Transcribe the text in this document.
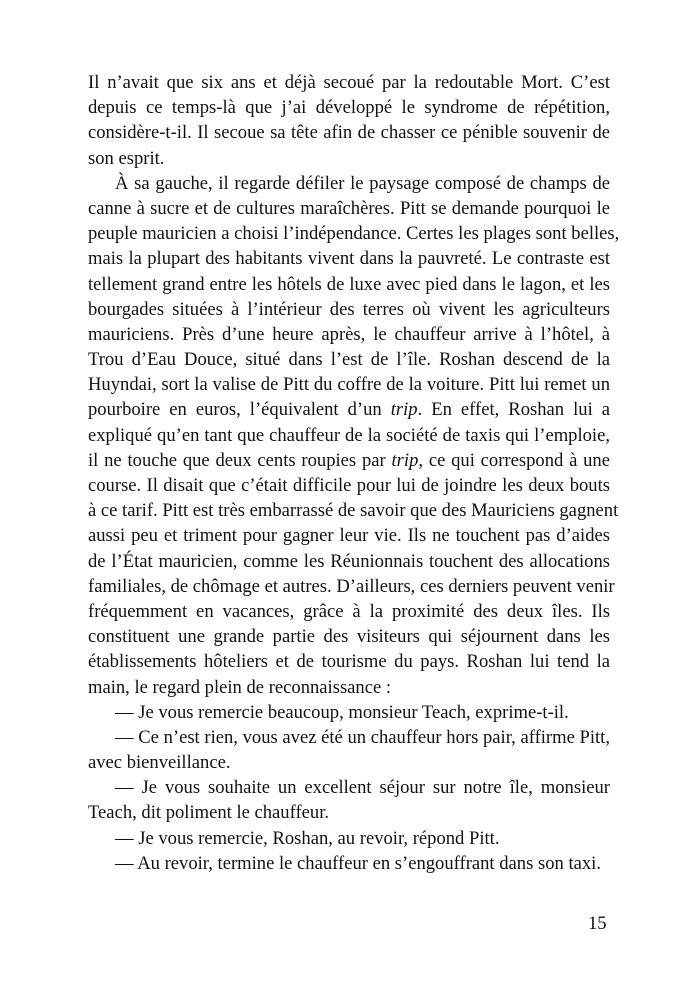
Il n’avait que six ans et déjà secoué par la redoutable Mort. C’est
depuis ce temps-là que j’ai développé le syndrome de répétition,
considère-t-il. Il secoue sa tête afin de chasser ce pénible souvenir de
son esprit.
À sa gauche, il regarde défiler le paysage composé de champs de
canne à sucre et de cultures maraîchères. Pitt se demande pourquoi le
peuple mauricien a choisi l’indépendance. Certes les plages sont belles,
mais la plupart des habitants vivent dans la pauvreté. Le contraste est
tellement grand entre les hôtels de luxe avec pied dans le lagon, et les
bourgades situées à l’intérieur des terres où vivent les agriculteurs
mauriciens. Près d’une heure après, le chauffeur arrive à l’hôtel, à
Trou d’Eau Douce, situé dans l’est de l’île. Roshan descend de la
Huyndai, sort la valise de Pitt du coffre de la voiture. Pitt lui remet un
pourboire en euros, l’équivalent d’un trip. En effet, Roshan lui a
expliqué qu’en tant que chauffeur de la société de taxis qui l’emploie,
il ne touche que deux cents roupies par trip, ce qui correspond à une
course. Il disait que c’était difficile pour lui de joindre les deux bouts
à ce tarif. Pitt est très embarrassé de savoir que des Mauriciens gagnent
aussi peu et triment pour gagner leur vie. Ils ne touchent pas d’aides
de l’État mauricien, comme les Réunionnais touchent des allocations
familiales, de chômage et autres. D’ailleurs, ces derniers peuvent venir
fréquemment en vacances, grâce à la proximité des deux îles. Ils
constituent une grande partie des visiteurs qui séjournent dans les
établissements hôteliers et de tourisme du pays. Roshan lui tend la
main, le regard plein de reconnaissance :
— Je vous remercie beaucoup, monsieur Teach, exprime-t-il.
— Ce n’est rien, vous avez été un chauffeur hors pair, affirme Pitt,
avec bienveillance.
— Je vous souhaite un excellent séjour sur notre île, monsieur
Teach, dit poliment le chauffeur.
— Je vous remercie, Roshan, au revoir, répond Pitt.
— Au revoir, termine le chauffeur en s’engouffrant dans son taxi.
15
